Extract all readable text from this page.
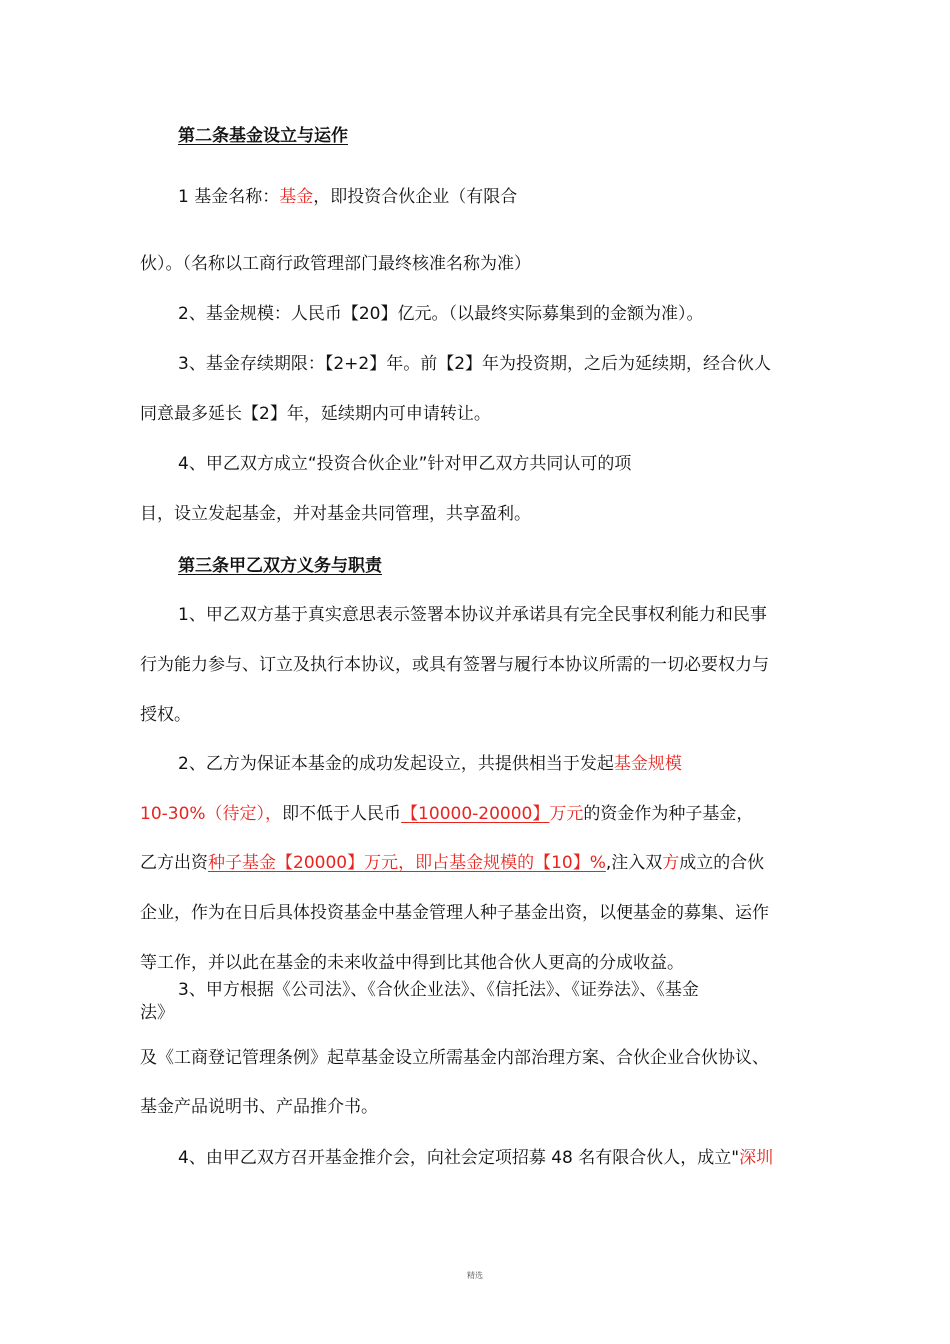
第二条基金设立与运作
1 基金名称：基金，即投资合伙企业（有限合
伙）。（名称以工商行政管理部门最终核准名称为准）
2、基金规模：人民币【20】亿元。（以最终实际募集到的金额为准）。
3、基金存续期限：【2+2】年。前【2】年为投资期，之后为延续期，经合伙人
同意最多延长【2】年，延续期内可申请转让。
4、甲乙双方成立“投资合伙企业”针对甲乙双方共同认可的项
目，设立发起基金，并对基金共同管理，共享盈利。
第三条甲乙双方义务与职责
1、甲乙双方基于真实意思表示签署本协议并承诺具有完全民事权利能力和民事
行为能力参与、订立及执行本协议，或具有签署与履行本协议所需的一切必要权力与
授权。
2、乙方为保证本基金的成功发起设立，共提供相当于发起基金规模
10-30%（待定），即不低于人民币【10000-20000】万元的资金作为种子基金，
乙方出资种子基金【20000】万元，即占基金规模的【10】%,注入双方成立的合伙
企业，作为在日后具体投资基金中基金管理人种子基金出资，以便基金的募集、运作
等工作，并以此在基金的未来收益中得到比其他合伙人更高的分成收益。
3、甲方根据《公司法》、《合伙企业法》、《信托法》、《证券法》、《基金
法》
及《工商登记管理条例》起草基金设立所需基金内部治理方案、合伙企业合伙协议、
基金产品说明书、产品推介书。
4、由甲乙双方召开基金推介会，向社会定项招募 48 名有限合伙人，成立"深圳
精选
